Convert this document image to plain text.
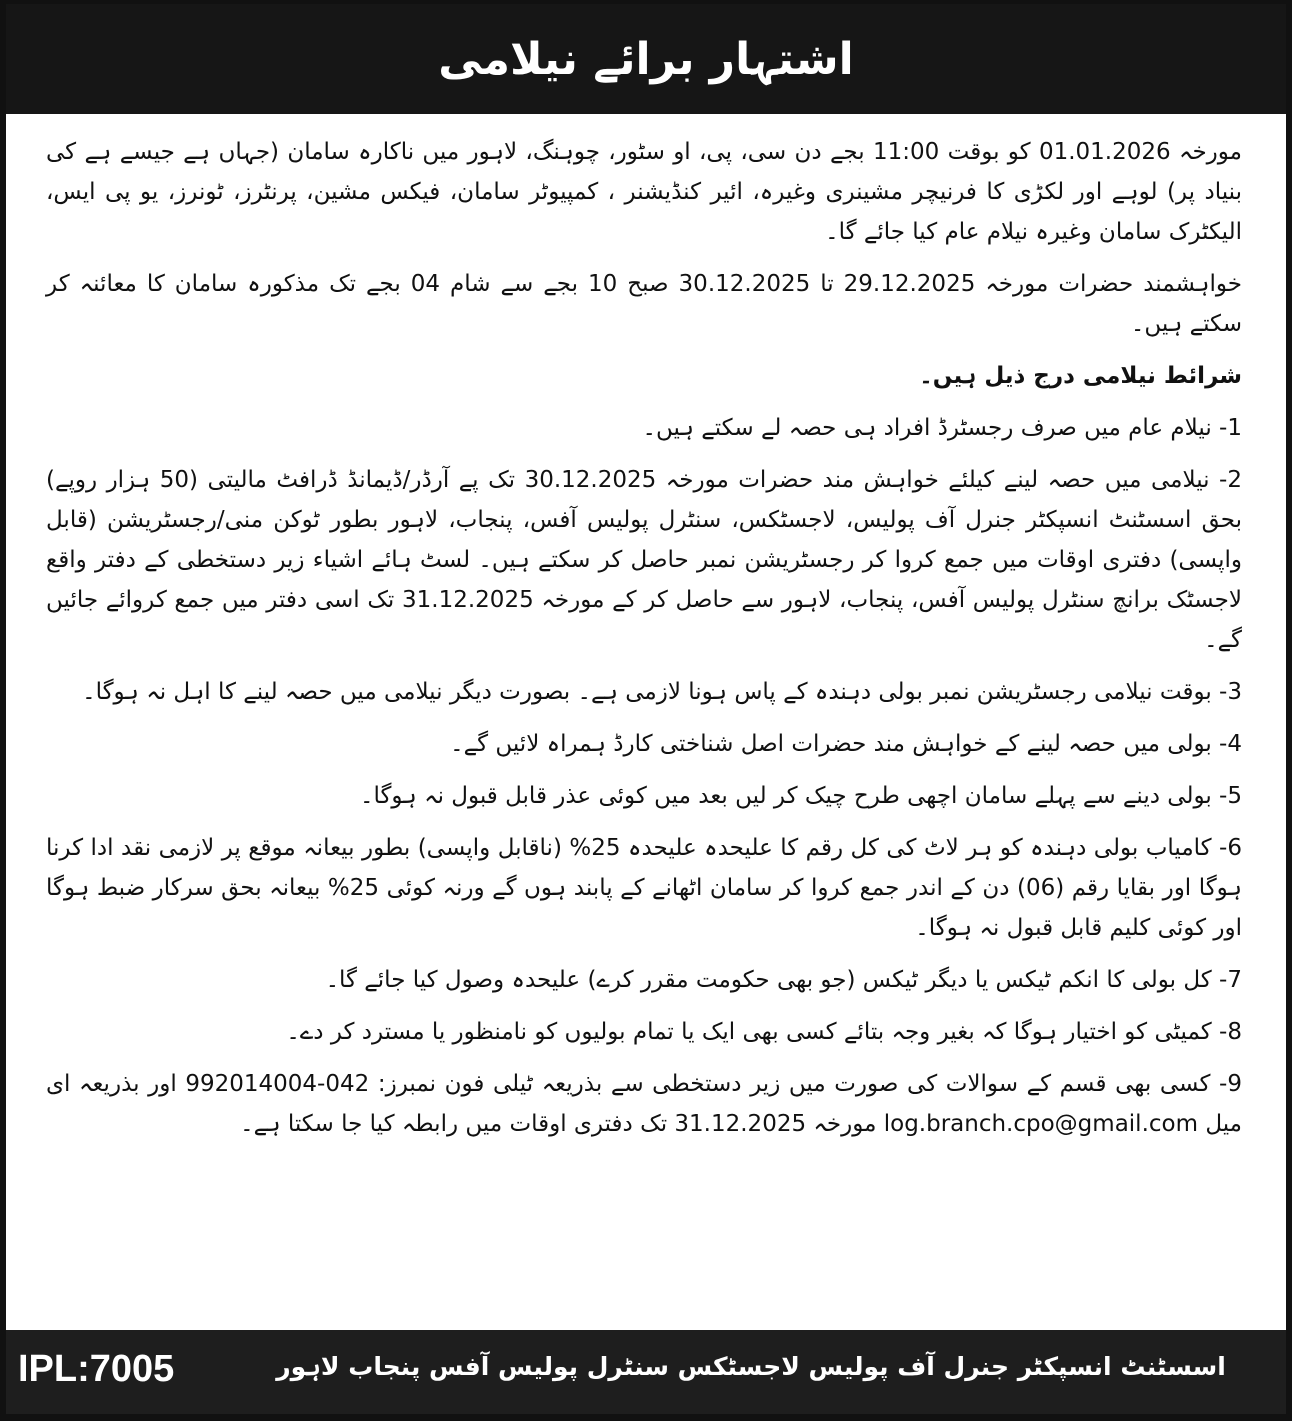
اشتہار برائے نیلامی

مورخہ 01.01.2026 کو بوقت 11:00 بجے دن سی، پی، او سٹور، چوہنگ، لاہور میں ناکارہ سامان (جہاں ہے جیسے ہے کی بنیاد پر) لوہے اور لکڑی کا فرنیچر مشینری وغیرہ، ائیر کنڈیشنر ، کمپیوٹر سامان، فیکس مشین، پرنٹرز، ٹونرز، یو پی ایس، الیکٹرک سامان وغیرہ نیلام عام کیا جائے گا۔

خواہشمند حضرات مورخہ 29.12.2025 تا 30.12.2025 صبح 10 بجے سے شام 04 بجے تک مذکورہ سامان کا معائنہ کر سکتے ہیں۔

شرائط نیلامی درج ذیل ہیں۔

1- نیلام عام میں صرف رجسٹرڈ افراد ہی حصہ لے سکتے ہیں۔

2- نیلامی میں حصہ لینے کیلئے خواہش مند حضرات مورخہ 30.12.2025 تک پے آرڈر/ڈیمانڈ ڈرافٹ مالیتی (50 ہزار روپے) بحق اسسٹنٹ انسپکٹر جنرل آف پولیس، لاجسٹکس، سنٹرل پولیس آفس، پنجاب، لاہور بطور ٹوکن منی/رجسٹریشن (قابل واپسی) دفتری اوقات میں جمع کروا کر رجسٹریشن نمبر حاصل کر سکتے ہیں۔ لسٹ ہائے اشیاء زیر دستخطی کے دفتر واقع لاجسٹک برانچ سنٹرل پولیس آفس، پنجاب، لاہور سے حاصل کر کے مورخہ 31.12.2025 تک اسی دفتر میں جمع کروائے جائیں گے۔

3- بوقت نیلامی رجسٹریشن نمبر بولی دہندہ کے پاس ہونا لازمی ہے۔ بصورت دیگر نیلامی میں حصہ لینے کا اہل نہ ہوگا۔

4- بولی میں حصہ لینے کے خواہش مند حضرات اصل شناختی کارڈ ہمراہ لائیں گے۔

5- بولی دینے سے پہلے سامان اچھی طرح چیک کر لیں بعد میں کوئی عذر قابل قبول نہ ہوگا۔

6- کامیاب بولی دہندہ کو ہر لاٹ کی کل رقم کا علیحدہ علیحدہ 25% (ناقابل واپسی) بطور بیعانہ موقع پر لازمی نقد ادا کرنا ہوگا اور بقایا رقم (06) دن کے اندر جمع کروا کر سامان اٹھانے کے پابند ہوں گے ورنہ کوئی 25% بیعانہ بحق سرکار ضبط ہوگا اور کوئی کلیم قابل قبول نہ ہوگا۔

7- کل بولی کا انکم ٹیکس یا دیگر ٹیکس (جو بھی حکومت مقرر کرے) علیحدہ وصول کیا جائے گا۔

8- کمیٹی کو اختیار ہوگا کہ بغیر وجہ بتائے کسی بھی ایک یا تمام بولیوں کو نامنظور یا مسترد کر دے۔

9- کسی بھی قسم کے سوالات کی صورت میں زیر دستخطی سے بذریعہ ٹیلی فون نمبرز: 042-992014004 اور بذریعہ ای میل log.branch.cpo@gmail.com مورخہ 31.12.2025 تک دفتری اوقات میں رابطہ کیا جا سکتا ہے۔

IPL:7005	اسسٹنٹ انسپکٹر جنرل آف پولیس لاجسٹکس سنٹرل پولیس آفس پنجاب لاہور
